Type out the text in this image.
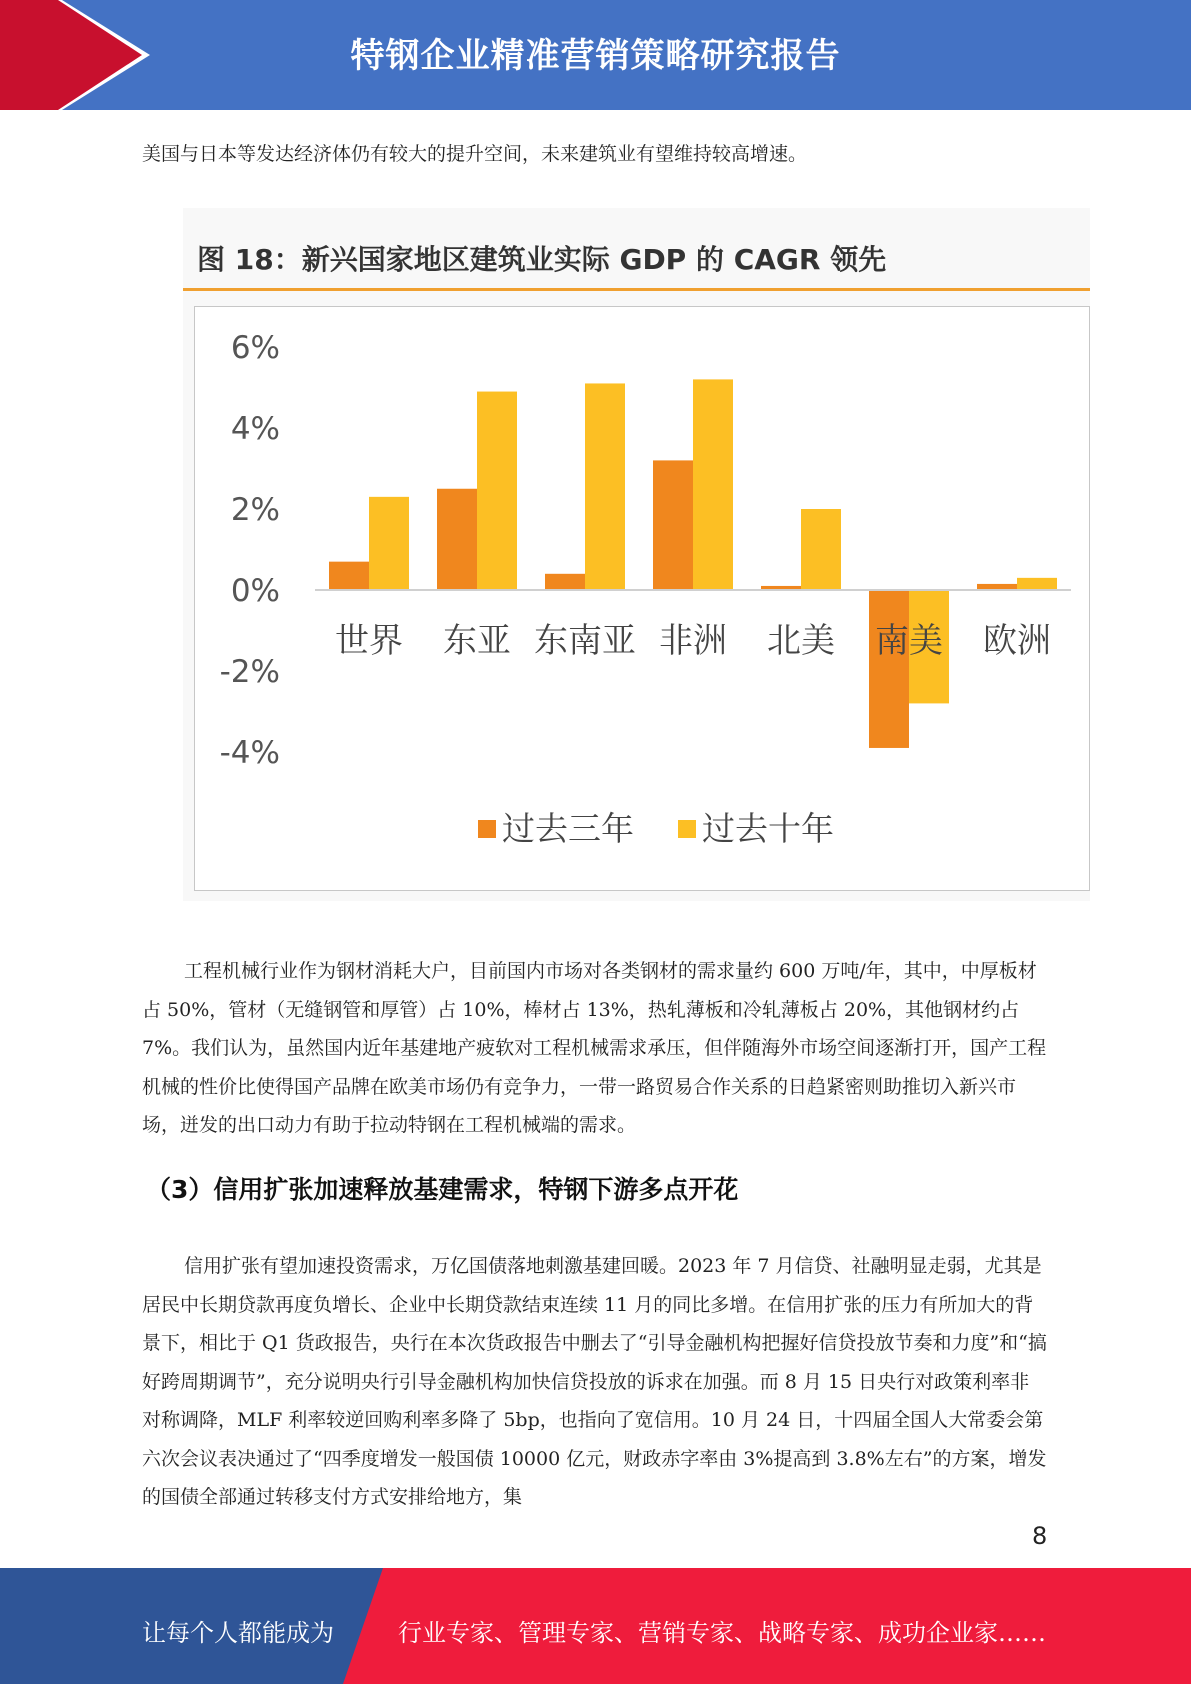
特钢企业精准营销策略研究报告

美国与日本等发达经济体仍有较大的提升空间，未来建筑业有望维持较高增速。

图 18：新兴国家地区建筑业实际 GDP 的 CAGR 领先
6%
4%
2%
0%
-2%
-4%
世界 东亚 东南亚 非洲 北美 南美 欧洲
过去三年 过去十年

工程机械行业作为钢材消耗大户，目前国内市场对各类钢材的需求量约 600 万吨/年，其中，中厚板材占 50%，管材（无缝钢管和厚管）占 10%，棒材占 13%，热轧薄板和冷轧薄板占 20%，其他钢材约占 7%。我们认为，虽然国内近年基建地产疲软对工程机械需求承压，但伴随海外市场空间逐渐打开，国产工程机械的性价比使得国产品牌在欧美市场仍有竞争力，一带一路贸易合作关系的日趋紧密则助推切入新兴市场，迸发的出口动力有助于拉动特钢在工程机械端的需求。

（3）信用扩张加速释放基建需求，特钢下游多点开花

信用扩张有望加速投资需求，万亿国债落地刺激基建回暖。2023 年 7 月信贷、社融明显走弱，尤其是居民中长期贷款再度负增长、企业中长期贷款结束连续 11 月的同比多增。在信用扩张的压力有所加大的背景下，相比于 Q1 货政报告，央行在本次货政报告中删去了“引导金融机构把握好信贷投放节奏和力度”和“搞好跨周期调节”，充分说明央行引导金融机构加快信贷投放的诉求在加强。而 8 月 15 日央行对政策利率非对称调降，MLF 利率较逆回购利率多降了 5bp，也指向了宽信用。10 月 24 日，十四届全国人大常委会第六次会议表决通过了“四季度增发一般国债 10000 亿元，财政赤字率由 3%提高到 3.8%左右”的方案，增发的国债全部通过转移支付方式安排给地方，集

8
让每个人都能成为	行业专家、管理专家、营销专家、战略专家、成功企业家……
